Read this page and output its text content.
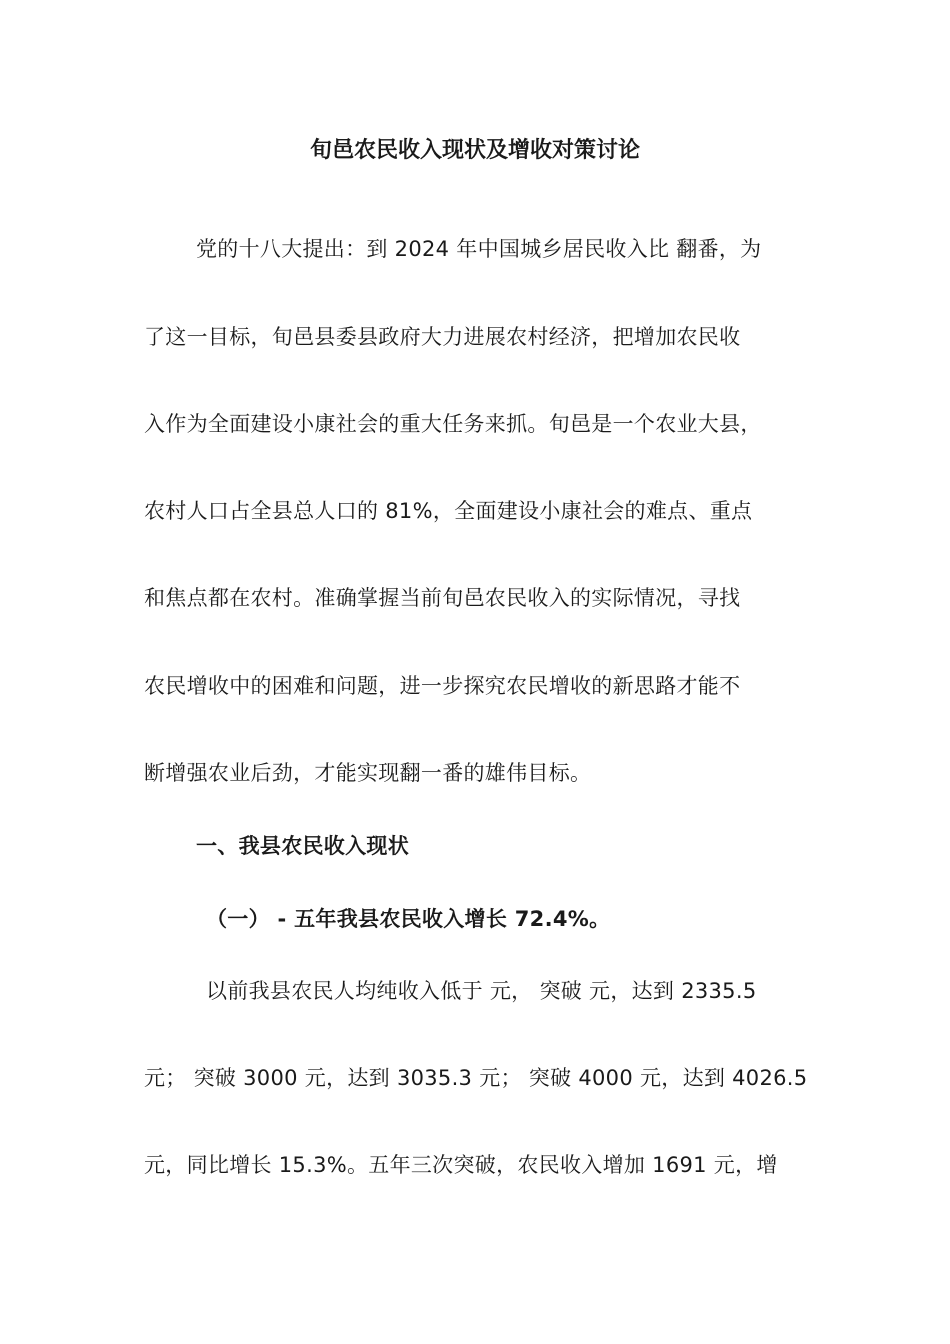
旬邑农民收入现状及增收对策讨论
党的十八大提出：到 2024 年中国城乡居民收入比 翻番，为
了这一目标，旬邑县委县政府大力进展农村经济，把增加农民收
入作为全面建设小康社会的重大任务来抓。旬邑是一个农业大县，
农村人口占全县总人口的 81%，全面建设小康社会的难点、重点
和焦点都在农村。准确掌握当前旬邑农民收入的实际情况，寻找
农民增收中的困难和问题，进一步探究农民增收的新思路才能不
断增强农业后劲，才能实现翻一番的雄伟目标。
一、我县农民收入现状
（一） - 五年我县农民收入增长 72.4%。
以前我县农民人均纯收入低于 元， 突破 元，达到 2335.5
元； 突破 3000 元，达到 3035.3 元； 突破 4000 元，达到 4026.5
元，同比增长 15.3%。五年三次突破，农民收入增加 1691 元，增
